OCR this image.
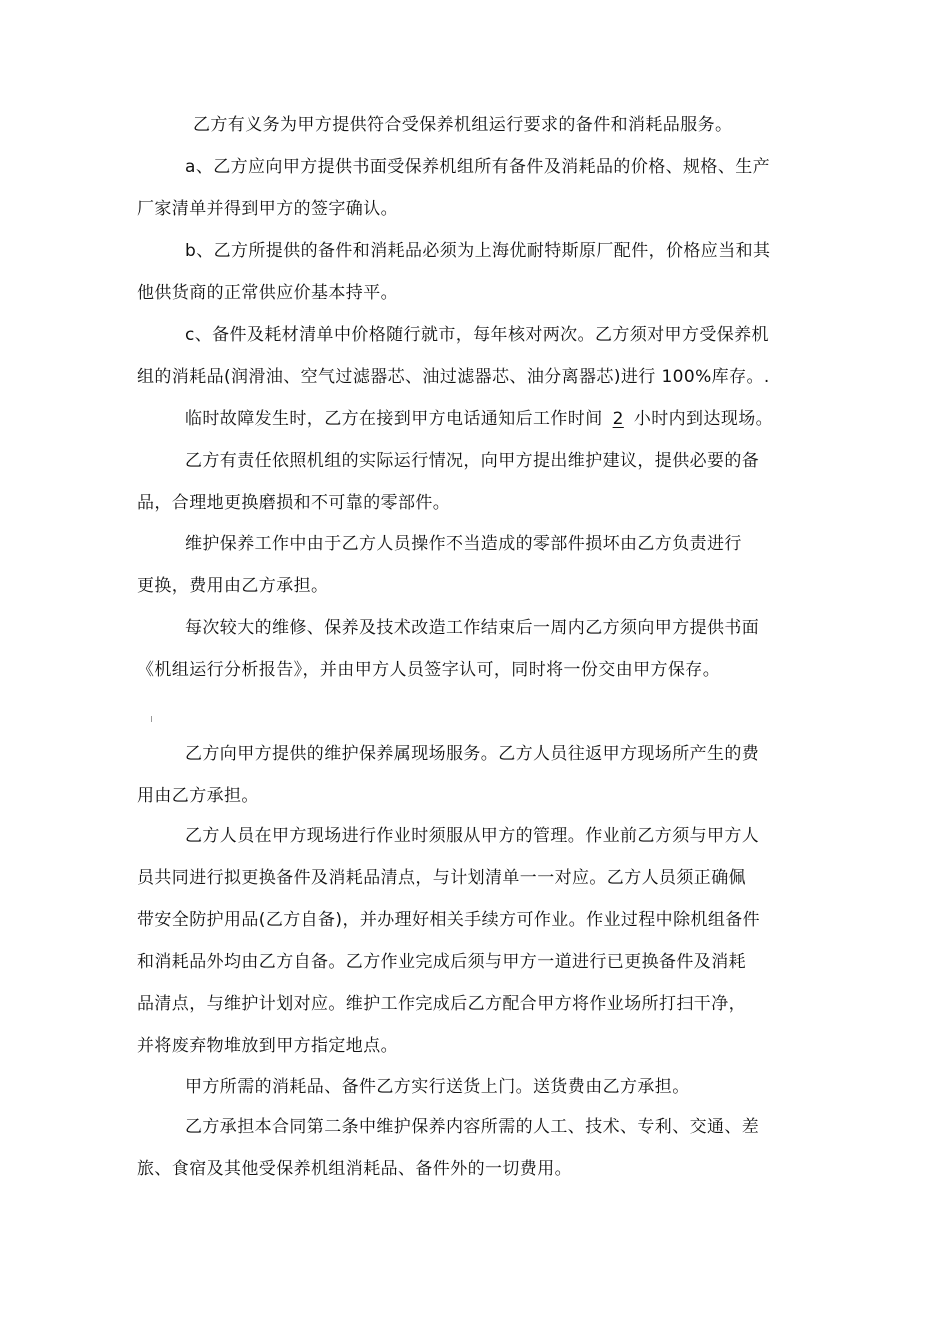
乙方有义务为甲方提供符合受保养机组运行要求的备件和消耗品服务。
a、乙方应向甲方提供书面受保养机组所有备件及消耗品的价格、规格、生产
厂家清单并得到甲方的签字确认。
b、乙方所提供的备件和消耗品必须为上海优耐特斯原厂配件，价格应当和其
他供货商的正常供应价基本持平。
c、备件及耗材清单中价格随行就市，每年核对两次。乙方须对甲方受保养机
组的消耗品(润滑油、空气过滤器芯、油过滤器芯、油分离器芯)进行 100%库存。.
临时故障发生时，乙方在接到甲方电话通知后工作时间 2 小时内到达现场。
乙方有责任依照机组的实际运行情况，向甲方提出维护建议，提供必要的备
品，合理地更换磨损和不可靠的零部件。
维护保养工作中由于乙方人员操作不当造成的零部件损坏由乙方负责进行
更换，费用由乙方承担。
每次较大的维修、保养及技术改造工作结束后一周内乙方须向甲方提供书面
《机组运行分析报告》，并由甲方人员签字认可，同时将一份交由甲方保存。
乙方向甲方提供的维护保养属现场服务。乙方人员往返甲方现场所产生的费
用由乙方承担。
乙方人员在甲方现场进行作业时须服从甲方的管理。作业前乙方须与甲方人
员共同进行拟更换备件及消耗品清点，与计划清单一一对应。乙方人员须正确佩
带安全防护用品(乙方自备)，并办理好相关手续方可作业。作业过程中除机组备件
和消耗品外均由乙方自备。乙方作业完成后须与甲方一道进行已更换备件及消耗
品清点，与维护计划对应。维护工作完成后乙方配合甲方将作业场所打扫干净，
并将废弃物堆放到甲方指定地点。
甲方所需的消耗品、备件乙方实行送货上门。送货费由乙方承担。
乙方承担本合同第二条中维护保养内容所需的人工、技术、专利、交通、差
旅、食宿及其他受保养机组消耗品、备件外的一切费用。
